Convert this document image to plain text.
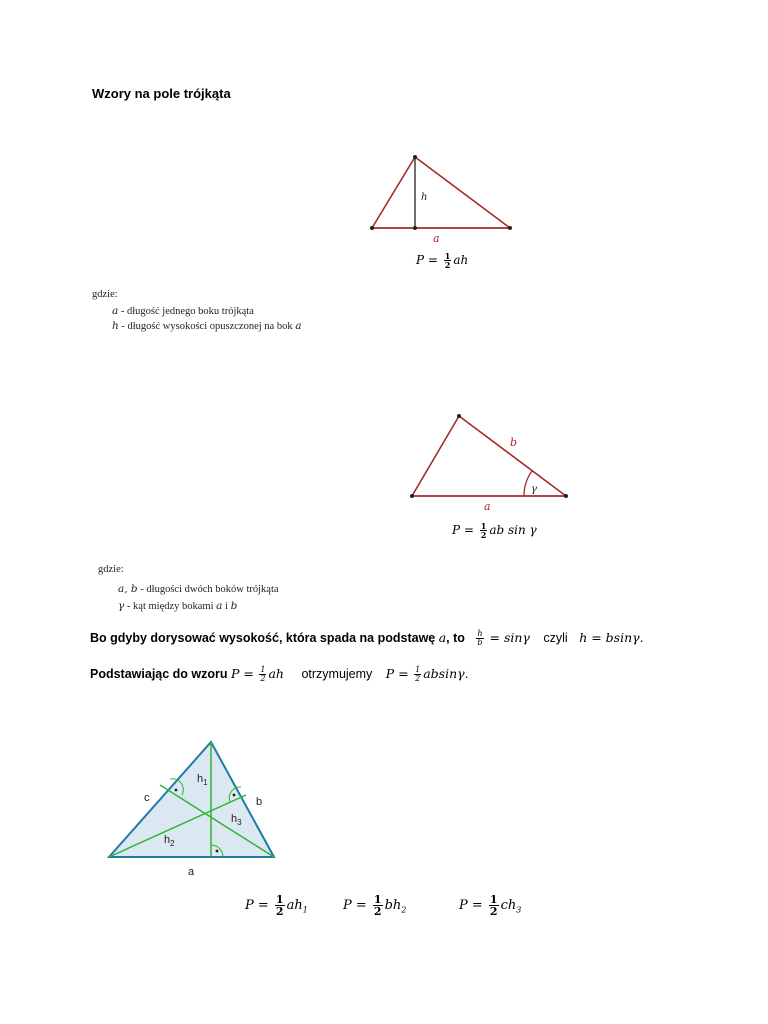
Wzory na pole trójkąta
h
a
$P = \frac{1}{2}$ ah
gdzie:
a - długość jednego boku trójkąta
h - długość wysokości opuszczonej na bok a
b
γ
a
$P = \frac{1}{2}$ ab sin γ
gdzie:
a, b - długości dwóch boków trójkąta
γ - kąt między bokami a i b
Bo gdyby dorysować wysokość, która spada na podstawę a, to $\frac{h}{b} = \sin\gamma$ czyli h = bsinγ.
Podstawiając do wzoru $P = \frac{1}{2}$ ah otrzymujemy $P = \frac{1}{2} absin\gamma$.
c	b
a
$h_1$
$h_3$
$h_2$
$P = \frac{1}{2} ah_1$	$P = \frac{1}{2} bh_2$	$P = \frac{1}{2} ch_3$
